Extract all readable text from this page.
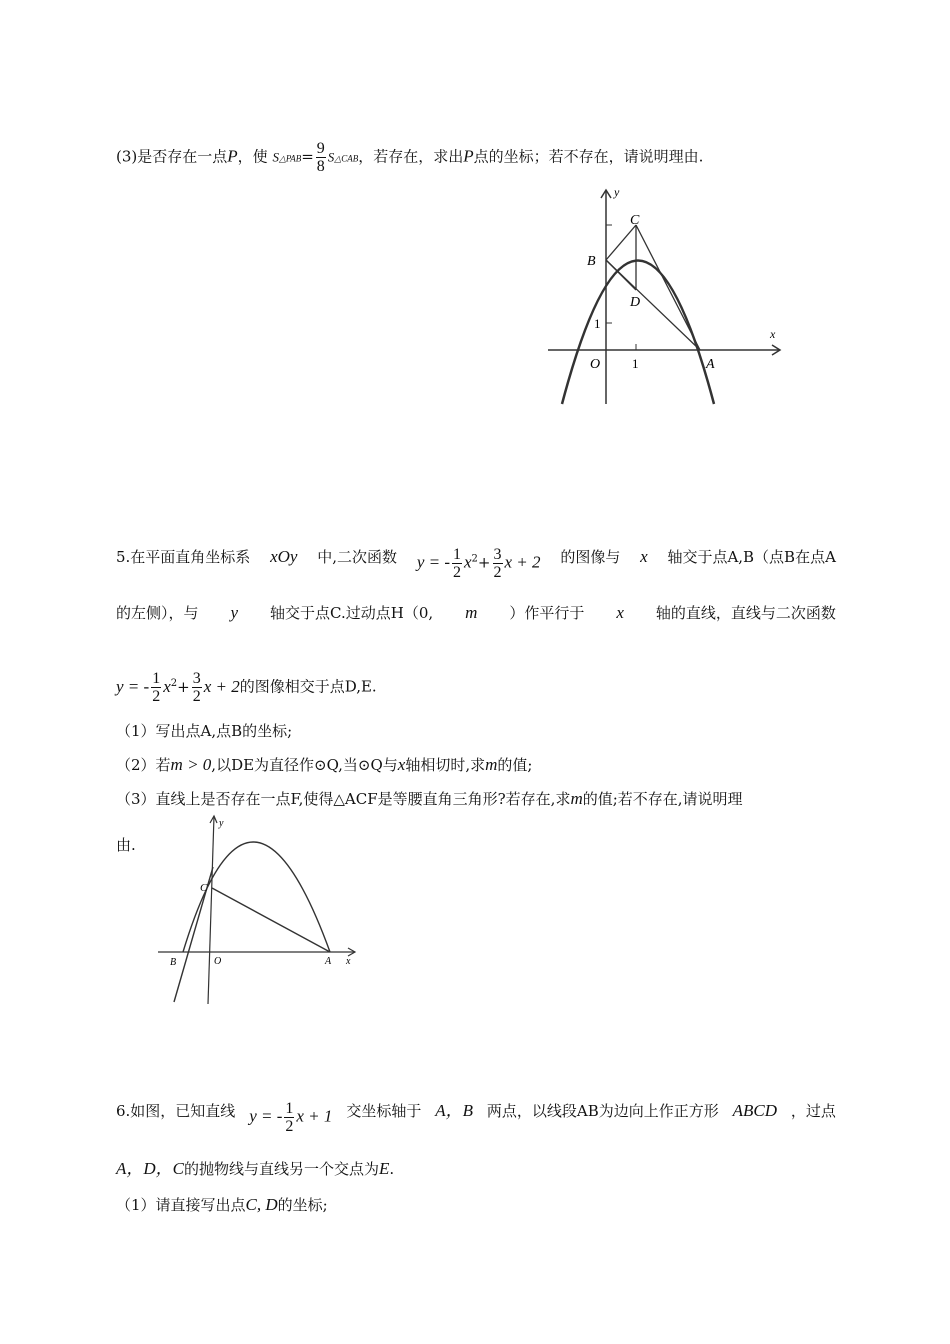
(3)是否存在一点P，使 S△PAB= $\frac{9}{8}$ S△CAB，若存在，求出P点的坐标；若不存在，请说明理由.
y
x
C
B
D
1
O 1	A
5.在平面直角坐标系 xOy 中,二次函数 y = - $\frac{1}{2} x^2+ \frac{3}{2}$ x + 2 的图像与 x 轴交于点A,B（点B在点A
的左侧），与 y 轴交于点C.过动点H（0, m ）作平行于 x 轴的直线，直线与二次函数
y = - $\frac{1}{2} x^2+ \frac{3}{2}$ x + 2的图像相交于点D,E.
（1）写出点A,点B的坐标;
（2）若m > 0,以DE为直径作⊙Q,当⊙Q与x轴相切时,求m的值;
（3）直线上是否存在一点F,使得△ACF是等腰直角三角形?若存在,求m的值;若不存在,请说明理
由.
y
C
B	O	A x
6.如图，已知直线 y = - $\frac{1}{2}$ x + 1 交坐标轴于 A，B 两点，以线段AB为边向上作正方形 ABCD ，过点
A，D，C的抛物线与直线另一个交点为E.
（1）请直接写出点C, D的坐标;
